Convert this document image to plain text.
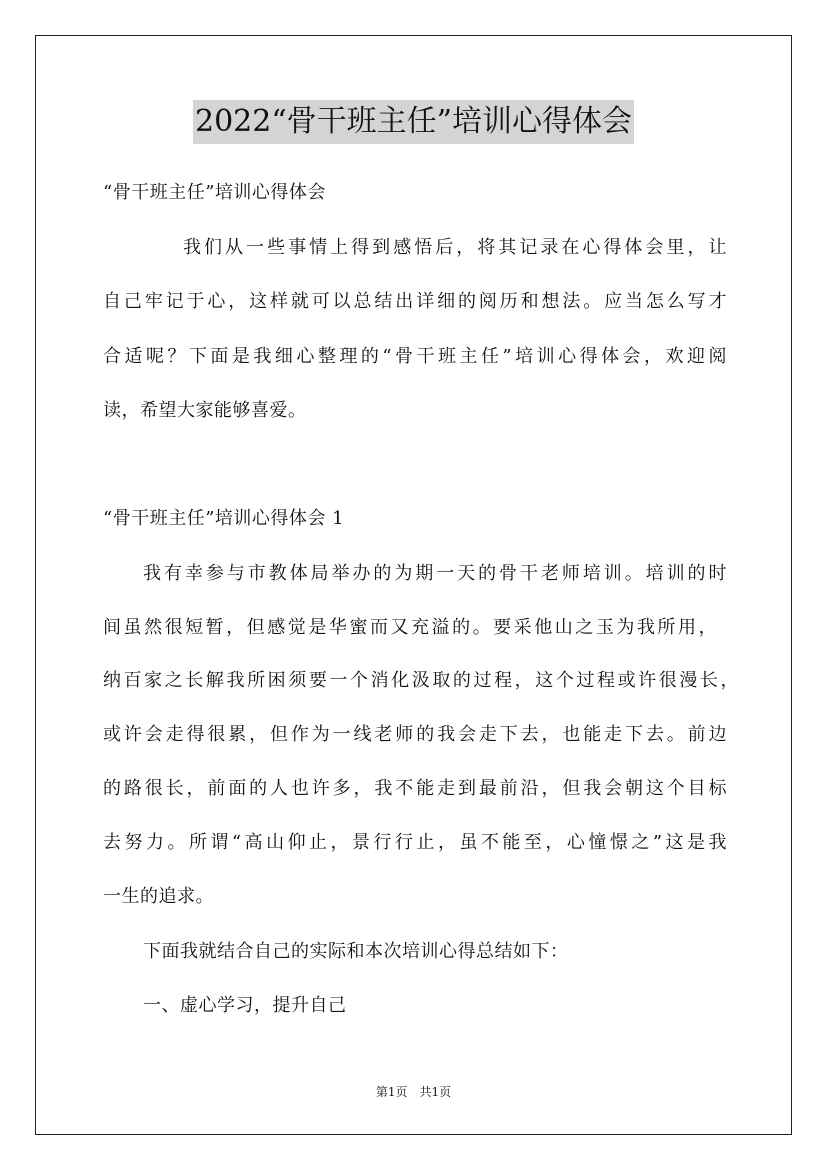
2022“骨干班主任”培训心得体会
“骨干班主任”培训心得体会
我们从一些事情上得到感悟后，将其记录在心得体会里，让
自己牢记于心，这样就可以总结出详细的阅历和想法。应当怎么写才
合适呢？下面是我细心整理的“骨干班主任”培训心得体会，欢迎阅
读，希望大家能够喜爱。
“骨干班主任”培训心得体会 1
我有幸参与市教体局举办的为期一天的骨干老师培训。培训的时
间虽然很短暂，但感觉是华蜜而又充溢的。要采他山之玉为我所用，
纳百家之长解我所困须要一个消化汲取的过程，这个过程或许很漫长，
或许会走得很累，但作为一线老师的我会走下去，也能走下去。前边
的路很长，前面的人也许多，我不能走到最前沿，但我会朝这个目标
去努力。所谓“高山仰止，景行行止，虽不能至，心憧憬之”这是我
一生的追求。
下面我就结合自己的实际和本次培训心得总结如下：
一、虚心学习，提升自己
第1页　共1页
